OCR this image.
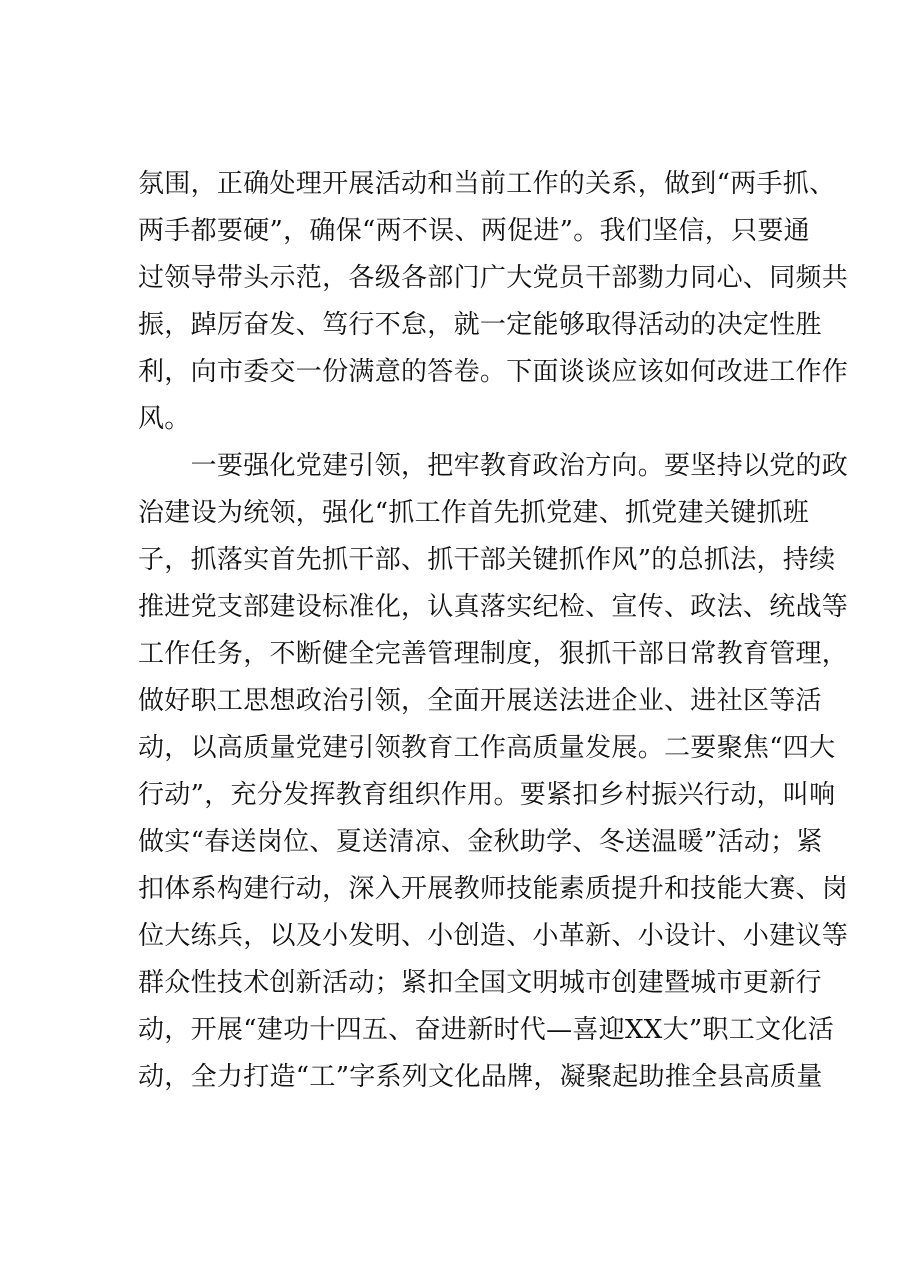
氛围，正确处理开展活动和当前工作的关系，做到“两手抓、
两手都要硬”，确保“两不误、两促进”。我们坚信，只要通
过领导带头示范，各级各部门广大党员干部勠力同心、同频共
振，踔厉奋发、笃行不怠，就一定能够取得活动的决定性胜
利，向市委交一份满意的答卷。下面谈谈应该如何改进工作作
风。
　　一要强化党建引领，把牢教育政治方向。要坚持以党的政
治建设为统领，强化“抓工作首先抓党建、抓党建关键抓班
子，抓落实首先抓干部、抓干部关键抓作风”的总抓法，持续
推进党支部建设标准化，认真落实纪检、宣传、政法、统战等
工作任务，不断健全完善管理制度，狠抓干部日常教育管理，
做好职工思想政治引领，全面开展送法进企业、进社区等活
动，以高质量党建引领教育工作高质量发展。二要聚焦“四大
行动”，充分发挥教育组织作用。要紧扣乡村振兴行动，叫响
做实“春送岗位、夏送清凉、金秋助学、冬送温暖”活动；紧
扣体系构建行动，深入开展教师技能素质提升和技能大赛、岗
位大练兵，以及小发明、小创造、小革新、小设计、小建议等
群众性技术创新活动；紧扣全国文明城市创建暨城市更新行
动，开展“建功十四五、奋进新时代—喜迎XX大”职工文化活
动，全力打造“工”字系列文化品牌，凝聚起助推全县高质量
